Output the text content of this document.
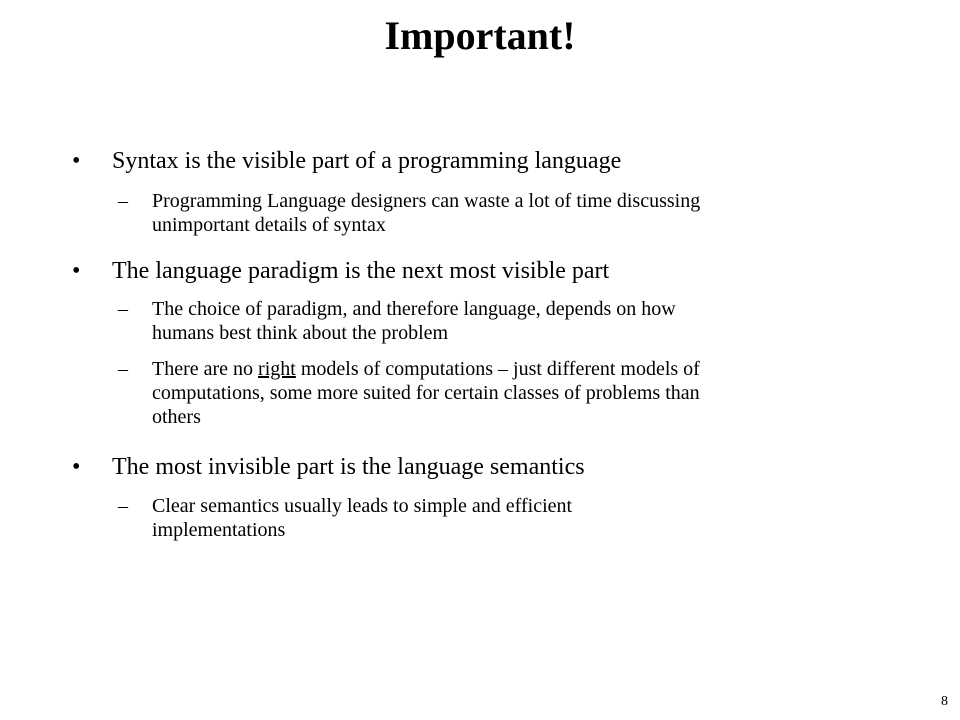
Important!
• Syntax is the visible part of a programming language
– Programming Language designers can waste a lot of time discussing
unimportant details of syntax
• The language paradigm is the next most visible part
– The choice of paradigm, and therefore language, depends on how
humans best think about the problem
– There are no right models of computations – just different models of
computations, some more suited for certain classes of problems than
others
• The most invisible part is the language semantics
– Clear semantics usually leads to simple and efficient
implementations
8
